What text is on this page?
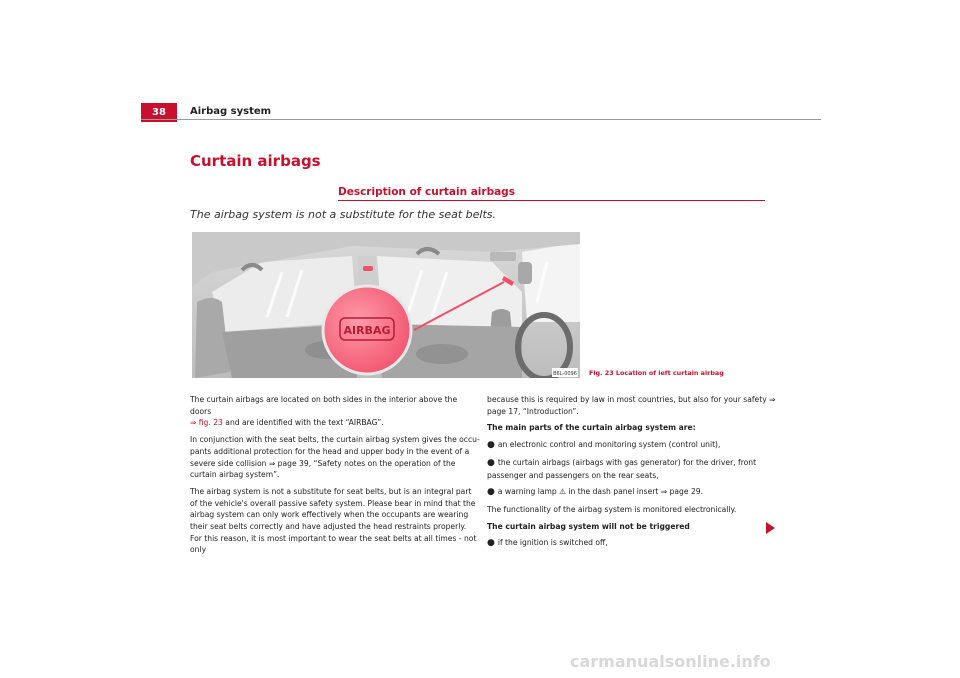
38	Airbag system
Curtain airbags
Description of curtain airbags
The airbag system is not a substitute for the seat belts.
AIRBAG
B6L-0096 Fig. 23 Location of left curtain airbag

The curtain airbags are located on both sides in the interior above the doors
⇒ fig. 23 and are identified with the text “AIRBAG”.

In conjunction with the seat belts, the curtain airbag system gives the occu-pants additional protection for the head and upper body in the event of a severe side collision ⇒ page 39, “Safety notes on the operation of the curtain airbag system”.

The airbag system is not a substitute for seat belts, but is an integral part of the vehicle's overall passive safety system. Please bear in mind that the airbag system can only work effectively when the occupants are wearing their seat belts correctly and have adjusted the head restraints properly. For this reason, it is most important to wear the seat belts at all times - not only

because this is required by law in most countries, but also for your safety ⇒ page 17, “Introduction”.

The main parts of the curtain airbag system are:

● an electronic control and monitoring system (control unit),

● the curtain airbags (airbags with gas generator) for the driver, front passenger and passengers on the rear seats,

● a warning lamp ⚠ in the dash panel insert ⇒ page 29.

The functionality of the airbag system is monitored electronically.

The curtain airbag system will not be triggered

● if the ignition is switched off,

carmanualsonline.info
